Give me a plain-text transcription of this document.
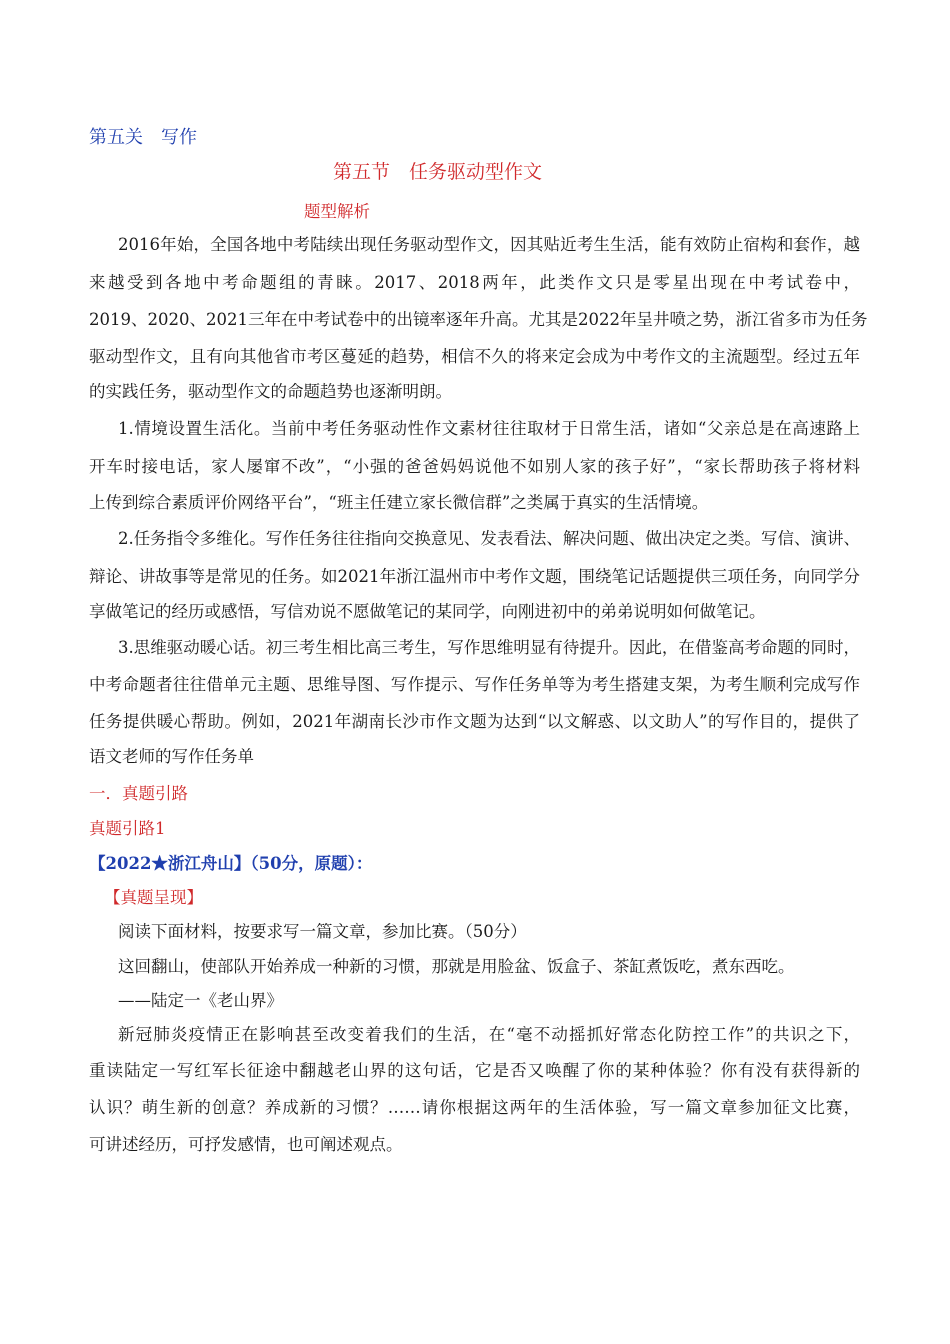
第五关　写作
第五节　任务驱动型作文
题型解析
2016年始，全国各地中考陆续出现任务驱动型作文，因其贴近考生生活，能有效防止宿构和套作，越
来越受到各地中考命题组的青睐。2017、2018两年，此类作文只是零星出现在中考试卷中，
2019、2020、2021三年在中考试卷中的出镜率逐年升高。尤其是2022年呈井喷之势，浙江省多市为任务
驱动型作文，且有向其他省市考区蔓延的趋势，相信不久的将来定会成为中考作文的主流题型。经过五年
的实践任务，驱动型作文的命题趋势也逐渐明朗。
1.情境设置生活化。当前中考任务驱动性作文素材往往取材于日常生活，诸如“父亲总是在高速路上
开车时接电话，家人屡窜不改”，“小强的爸爸妈妈说他不如别人家的孩子好”，“家长帮助孩子将材料
上传到综合素质评价网络平台”，“班主任建立家长微信群”之类属于真实的生活情境。
2.任务指令多维化。写作任务往往指向交换意见、发表看法、解决问题、做出决定之类。写信、演讲、
辩论、讲故事等是常见的任务。如2021年浙江温州市中考作文题，围绕笔记话题提供三项任务，向同学分
享做笔记的经历或感悟，写信劝说不愿做笔记的某同学，向刚进初中的弟弟说明如何做笔记。
3.思维驱动暖心话。初三考生相比高三考生，写作思维明显有待提升。因此，在借鉴高考命题的同时，
中考命题者往往借单元主题、思维导图、写作提示、写作任务单等为考生搭建支架，为考生顺利完成写作
任务提供暖心帮助。例如，2021年湖南长沙市作文题为达到“以文解惑、以文助人”的写作目的，提供了
语文老师的写作任务单
一．真题引路
真题引路1
【2022★浙江舟山】（50分，原题）：
【真题呈现】
阅读下面材料，按要求写一篇文章，参加比赛。（50分）
这回翻山，使部队开始养成一种新的习惯，那就是用脸盆、饭盒子、茶缸煮饭吃，煮东西吃。
——陆定一《老山界》
新冠肺炎疫情正在影响甚至改变着我们的生活，在“毫不动摇抓好常态化防控工作”的共识之下，
重读陆定一写红军长征途中翻越老山界的这句话，它是否又唤醒了你的某种体验？你有没有获得新的
认识？萌生新的创意？养成新的习惯？……请你根据这两年的生活体验，写一篇文章参加征文比赛，
可讲述经历，可抒发感情，也可阐述观点。
